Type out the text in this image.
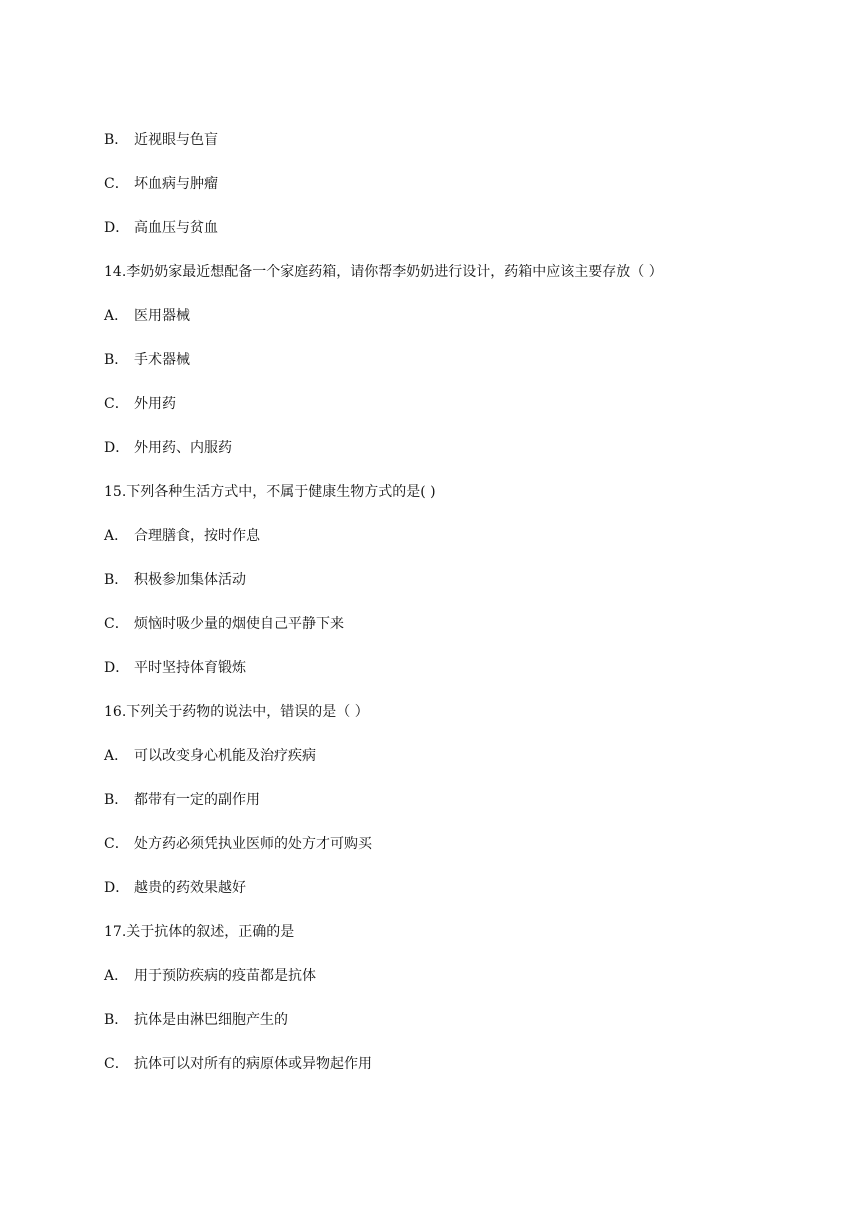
B． 近视眼与色盲
C． 坏血病与肿瘤
D． 高血压与贫血
14.李奶奶家最近想配备一个家庭药箱，请你帮李奶奶进行设计，药箱中应该主要存放（ ）
A． 医用器械
B． 手术器械
C． 外用药
D． 外用药、内服药
15.下列各种生活方式中，不属于健康生物方式的是( )
A． 合理膳食，按时作息
B． 积极参加集体活动
C． 烦恼时吸少量的烟使自己平静下来
D． 平时坚持体育锻炼
16.下列关于药物的说法中，错误的是（ ）
A． 可以改变身心机能及治疗疾病
B． 都带有一定的副作用
C． 处方药必须凭执业医师的处方才可购买
D． 越贵的药效果越好
17.关于抗体的叙述，正确的是
A． 用于预防疾病的疫苗都是抗体
B． 抗体是由淋巴细胞产生的
C． 抗体可以对所有的病原体或异物起作用
